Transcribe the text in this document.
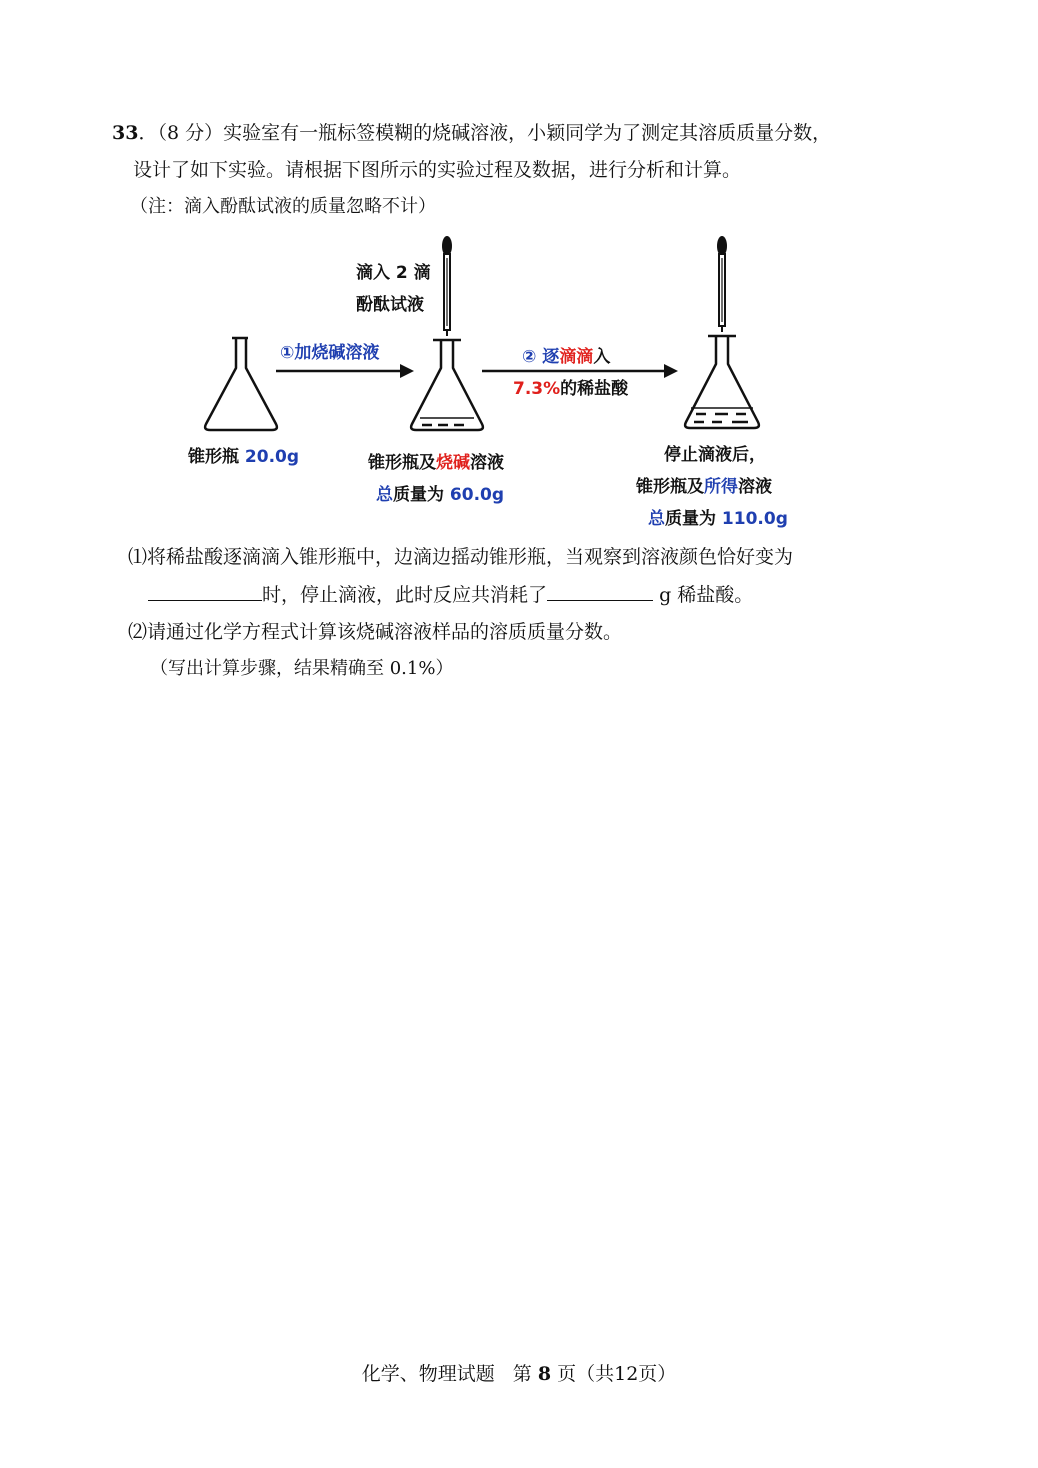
33．（8 分）实验室有一瓶标签模糊的烧碱溶液，小颖同学为了测定其溶质质量分数，
设计了如下实验。请根据下图所示的实验过程及数据，进行分析和计算。
（注：滴入酚酞试液的质量忽略不计）
滴入 2 滴
酚酞试液
①加烧碱溶液	② 逐滴滴入
7.3%的稀盐酸
锥形瓶 20.0g	锥形瓶及烧碱溶液
总质量为 60.0g
停止滴液后，
锥形瓶及所得溶液
总质量为 110.0g
⑴将稀盐酸逐滴滴入锥形瓶中，边滴边摇动锥形瓶，当观察到溶液颜色恰好变为
时，停止滴液，此时反应共消耗了	g 稀盐酸。
⑵请通过化学方程式计算该烧碱溶液样品的溶质质量分数。
（写出计算步骤，结果精确至 0.1%）
化学、物理试题 第 8 页（共12页）
